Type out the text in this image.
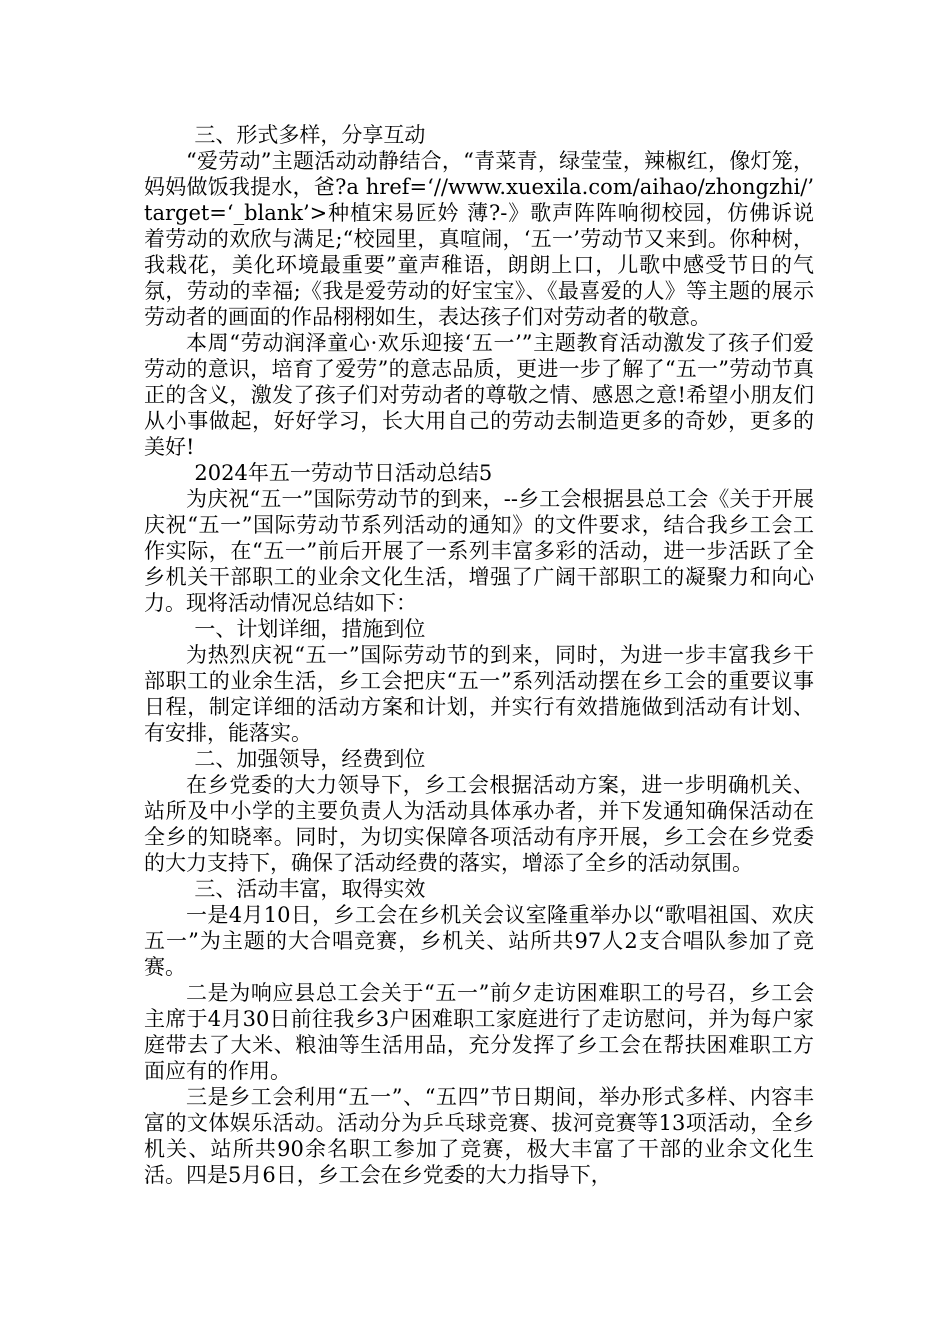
三、形式多样，分享互动

“爱劳动”主题活动动静结合，“青菜青，绿莹莹，辣椒红，像灯笼，妈妈做饭我提水，爸?a href=‘//www.xuexila.com/aihao/zhongzhi/’ target=‘_blank’>种植宋易匠妗 薄?-》歌声阵阵响彻校园，仿佛诉说着劳动的欢欣与满足;“校园里，真喧闹，‘五一’劳动节又来到。你种树，我栽花，美化环境最重要”童声稚语，朗朗上口，儿歌中感受节日的气氛，劳动的幸福;《我是爱劳动的好宝宝》、《最喜爱的人》等主题的展示劳动者的画面的作品栩栩如生，表达孩子们对劳动者的敬意。

本周“劳动润泽童心·欢乐迎接‘五一’”主题教育活动激发了孩子们爱劳动的意识，培育了爱劳”的意志品质，更进一步了解了“五一”劳动节真正的含义，激发了孩子们对劳动者的尊敬之情、感恩之意!希望小朋友们从小事做起，好好学习，长大用自己的劳动去制造更多的奇妙，更多的美好!

2024年五一劳动节日活动总结5

为庆祝“五一”国际劳动节的到来，--乡工会根据县总工会《关于开展庆祝“五一”国际劳动节系列活动的通知》的文件要求，结合我乡工会工作实际，在“五一”前后开展了一系列丰富多彩的活动，进一步活跃了全乡机关干部职工的业余文化生活，增强了广阔干部职工的凝聚力和向心力。现将活动情况总结如下：

一、计划详细，措施到位

为热烈庆祝“五一”国际劳动节的到来，同时，为进一步丰富我乡干部职工的业余生活，乡工会把庆“五一”系列活动摆在乡工会的重要议事日程，制定详细的活动方案和计划，并实行有效措施做到活动有计划、有安排，能落实。

二、加强领导，经费到位

在乡党委的大力领导下，乡工会根据活动方案，进一步明确机关、站所及中小学的主要负责人为活动具体承办者，并下发通知确保活动在全乡的知晓率。同时，为切实保障各项活动有序开展，乡工会在乡党委的大力支持下，确保了活动经费的落实，增添了全乡的活动氛围。

三、活动丰富，取得实效

一是4月10日，乡工会在乡机关会议室隆重举办以“歌唱祖国、欢庆五一”为主题的大合唱竞赛，乡机关、站所共97人2支合唱队参加了竞赛。

二是为响应县总工会关于“五一”前夕走访困难职工的号召，乡工会主席于4月30日前往我乡3户困难职工家庭进行了走访慰问，并为每户家庭带去了大米、粮油等生活用品，充分发挥了乡工会在帮扶困难职工方面应有的作用。

三是乡工会利用“五一”、“五四”节日期间，举办形式多样、内容丰富的文体娱乐活动。活动分为乒乓球竞赛、拔河竞赛等13项活动，全乡机关、站所共90余名职工参加了竞赛，极大丰富了干部的业余文化生活。四是5月6日，乡工会在乡党委的大力指导下，
